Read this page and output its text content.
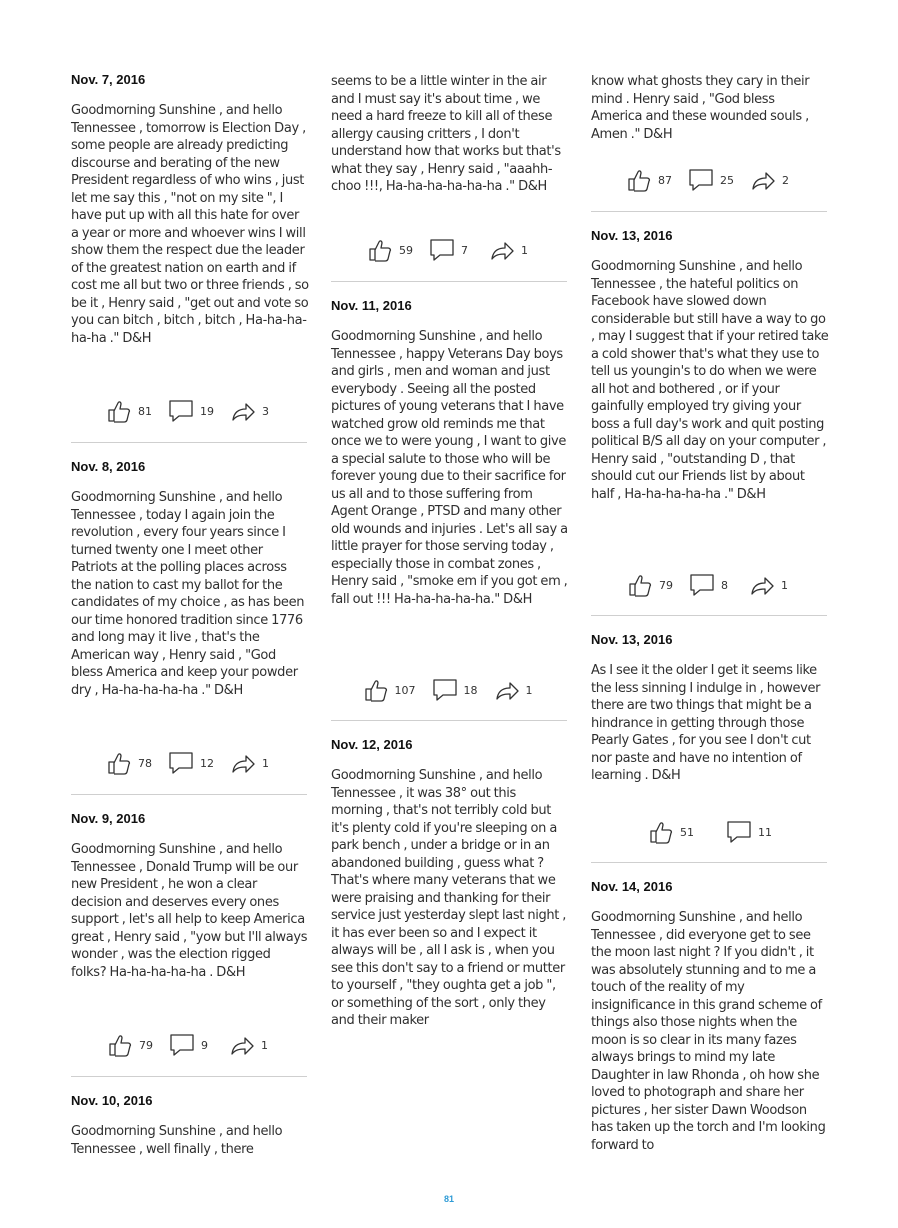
Nov. 7, 2016

Goodmorning Sunshine , and hello Tennessee , tomorrow is Election Day , some people are already predicting discourse and berating of the new President regardless of who wins , just let me say this , "not on my site ", I have put up with all this hate for over a year or more and whoever wins I will show them the respect due the leader of the greatest nation on earth and if cost me all but two or three friends , so be it , Henry said , "get out and vote so you can bitch , bitch , bitch , Ha-ha-ha-ha-ha ." D&H

81	19	3
Nov. 8, 2016

Goodmorning Sunshine , and hello Tennessee , today I again join the revolution , every four years since I turned twenty one I meet other Patriots at the polling places across the nation to cast my ballot for the candidates of my choice , as has been our time honored tradition since 1776 and long may it live , that's the American way , Henry said , "God bless America and keep your powder dry , Ha-ha-ha-ha-ha ." D&H

78	12	1
Nov. 9, 2016

Goodmorning Sunshine , and hello Tennessee , Donald Trump will be our new President , he won a clear decision and deserves every ones support , let's all help to keep America great , Henry said , "yow but I'll always wonder , was the election rigged folks? Ha-ha-ha-ha-ha . D&H

79	9	1
Nov. 10, 2016

Goodmorning Sunshine , and hello Tennessee , well finally , there

seems to be a little winter in the air and I must say it's about time , we need a hard freeze to kill all of these allergy causing critters , I don't understand how that works but that's what they say , Henry said , "aaahh-choo !!!, Ha-ha-ha-ha-ha-ha ." D&H

59	7	1
Nov. 11, 2016

Goodmorning Sunshine , and hello Tennessee , happy Veterans Day boys and girls , men and woman and just everybody . Seeing all the posted pictures of young veterans that I have watched grow old reminds me that once we to were young , I want to give a special salute to those who will be forever young due to their sacrifice for us all and to those suffering from Agent Orange , PTSD and many other old wounds and injuries . Let's all say a little prayer for those serving today , especially those in combat zones , Henry said , "smoke em if you got em , fall out !!! Ha-ha-ha-ha-ha." D&H

107	18	1
Nov. 12, 2016

Goodmorning Sunshine , and hello Tennessee , it was 38° out this morning , that's not terribly cold but it's plenty cold if you're sleeping on a park bench , under a bridge or in an abandoned building , guess what ? That's where many veterans that we were praising and thanking for their service just yesterday slept last night , it has ever been so and I expect it always will be , all I ask is , when you see this don't say to a friend or mutter to yourself , "they oughta get a job ", or something of the sort , only they and their maker

know what ghosts they cary in their mind . Henry said , "God bless America and these wounded souls , Amen ." D&H

87	25	2
Nov. 13, 2016

Goodmorning Sunshine , and hello Tennessee , the hateful politics on Facebook have slowed down considerable but still have a way to go , may I suggest that if your retired take a cold shower that's what they use to tell us youngin's to do when we were all hot and bothered , or if your gainfully employed try giving your boss a full day's work and quit posting political B/S all day on your computer , Henry said , "outstanding D , that should cut our Friends list by about half , Ha-ha-ha-ha-ha ." D&H

79	8	1
Nov. 13, 2016

As I see it the older I get it seems like the less sinning I indulge in , however there are two things that might be a hindrance in getting through those Pearly Gates , for you see I don't cut nor paste and have no intention of learning . D&H

51	11
Nov. 14, 2016

Goodmorning Sunshine , and hello Tennessee , did everyone get to see the moon last night ? If you didn't , it was absolutely stunning and to me a touch of the reality of my insignificance in this grand scheme of things also those nights when the moon is so clear in its many fazes always brings to mind my late Daughter in law Rhonda , oh how she loved to photograph and share her pictures , her sister Dawn Woodson has taken up the torch and I'm looking forward to

81
